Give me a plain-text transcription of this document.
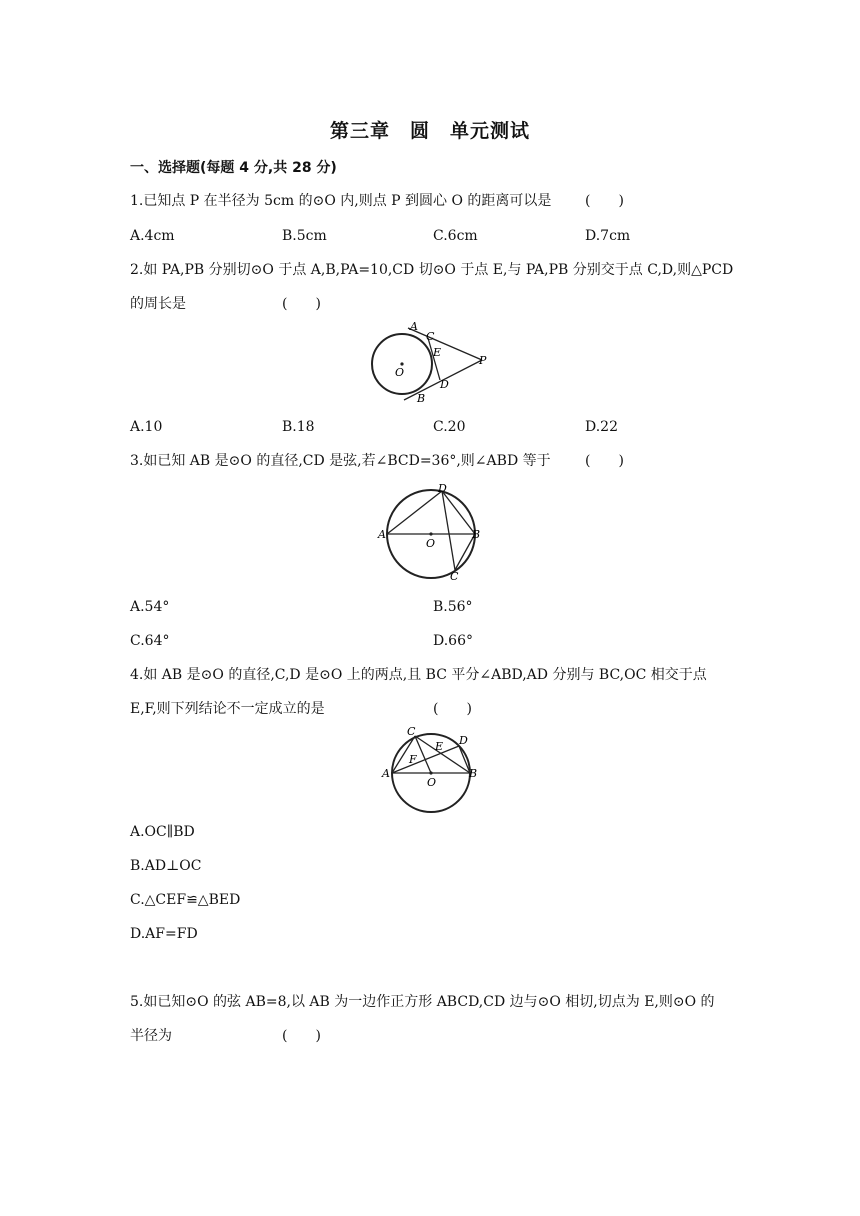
第三章　圆　单元测试
一、选择题(每题 4 分,共 28 分)
1.已知点 P 在半径为 5cm 的⊙O 内,则点 P 到圆心 O 的距离可以是 (　　)
A.4cm	B.5cm	C.6cm	D.7cm
2.如 PA,PB 分别切⊙O 于点 A,B,PA=10,CD 切⊙O 于点 E,与 PA,PB 分别交于点 C,D,则△PCD
的周长是	(　　)
A
C
E
P
O
D
B
A.10	B.18	C.20	D.22
3.如已知 AB 是⊙O 的直径,CD 是弦,若∠BCD=36°,则∠ABD 等于 (　　)
D
A
O
B
C
A.54°	B.56°
C.64°	D.66°
4.如 AB 是⊙O 的直径,C,D 是⊙O 上的两点,且 BC 平分∠ABD,AD 分别与 BC,OC 相交于点
E,F,则下列结论不一定成立的是	(　　)
C
E D
F
A	B
O
A.OC∥BD
B.AD⊥OC
C.△CEF≌△BED
D.AF=FD
5.如已知⊙O 的弦 AB=8,以 AB 为一边作正方形 ABCD,CD 边与⊙O 相切,切点为 E,则⊙O 的
半径为	(　　)
